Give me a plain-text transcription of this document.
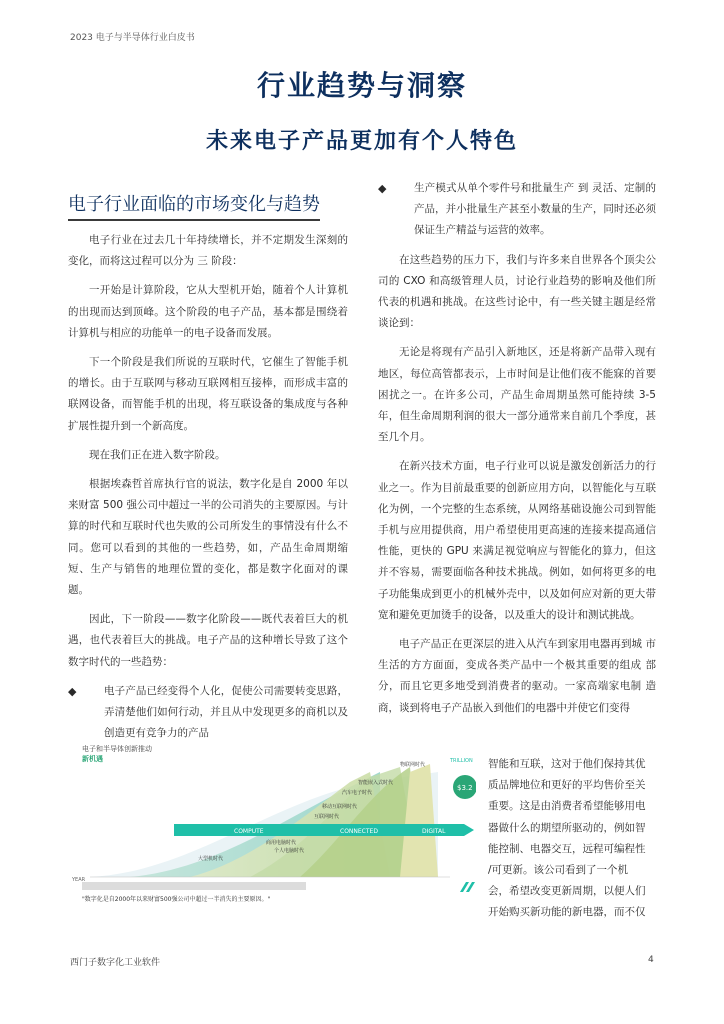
2023 电子与半导体行业白皮书
行业趋势与洞察
未来电子产品更加有个人特色
电子行业面临的市场变化与趋势

电子行业在过去几十年持续增长，并不定期发生深刻的变化，而将这过程可以分为 三 阶段：

一开始是计算阶段，它从大型机开始，随着个人计算机的出现而达到顶峰。这个阶段的电子产品，基本都是围绕着计算机与相应的功能单一的电子设备而发展。

下一个阶段是我们所说的互联时代，它催生了智能手机的增长。由于互联网与移动互联网相互接棒，而形成丰富的联网设备，而智能手机的出现，将互联设备的集成度与各种扩展性提升到一个新高度。

现在我们正在进入数字阶段。

根据埃森哲首席执行官的说法，数字化是自 2000 年以来财富 500 强公司中超过一半的公司消失的主要原因。与计算的时代和互联时代也失败的公司所发生的事情没有什么不同。您可以看到的其他的一些趋势，如，产品生命周期缩短、生产与销售的地理位置的变化，都是数字化面对的课题。

因此，下一阶段——数字化阶段——既代表着巨大的机遇，也代表着巨大的挑战。电子产品的这种增长导致了这个数字时代的一些趋势：

◆	电子产品已经变得个人化，促使公司需要转变思路，弄清楚他们如何行动，并且从中发现更多的商机以及创造更有竞争力的产品
◆	生产模式从单个零件号和批量生产 到 灵活、定制的产品，并小批量生产甚至小数量的生产，同时还必须保证生产精益与运营的效率。

在这些趋势的压力下，我们与许多来自世界各个顶尖公司的 CXO 和高级管理人员，讨论行业趋势的影响及他们所代表的机遇和挑战。在这些讨论中，有一些关键主题是经常谈论到：

无论是将现有产品引入新地区，还是将新产品带入现有地区，每位高管都表示，上市时间是让他们夜不能寐的首要困扰之一。在许多公司，产品生命周期虽然可能持续 3-5 年，但生命周期利润的很大一部分通常来自前几个季度，甚至几个月。

在新兴技术方面，电子行业可以说是激发创新活力的行业之一。作为目前最重要的创新应用方向，以智能化与互联化为例，一个完整的生态系统，从网络基础设施公司到智能手机与应用提供商，用户希望使用更高速的连接来提高通信性能，更快的 GPU 来满足视觉响应与智能化的算力，但这并不容易，需要面临各种技术挑战。例如，如何将更多的电子功能集成到更小的机械外壳中，以及如何应对新的更大带宽和避免更加烫手的设备，以及重大的设计和测试挑战。

电子产品正在更深层的进入从汽车到家用电器再到城 市生活的方方面面，变成各类产品中一个极其重要的组成 部分，而且它更多地受到消费者的驱动。一家高端家电制 造商，谈到将电子产品嵌入到他们的电器中并使它们变得

智能和互联，这对于他们保持其优
质品牌地位和更好的平均售价至关
重要。这是由消费者希望能够用电
器做什么的期望所驱动的，例如智
能控制、电器交互，远程可编程性
/可更新。该公司看到了一个机
会，希望改变更新周期，以便人们
开始购买新功能的新电器，而不仅
COMPUTE	CONNECTED	DIGITAL
TRILLION
$3.2
大型机时代
商用电脑时代
个人电脑时代
互联网时代
移动互联网时代
汽车电子时代
智能嵌入式时代
物联网时代
YEAR
电子和半导体创新推动
新机遇
"数字化是自2000年以来财富500强公司中超过一半消失的主要原因。"
西门子数字化工业软件	4
